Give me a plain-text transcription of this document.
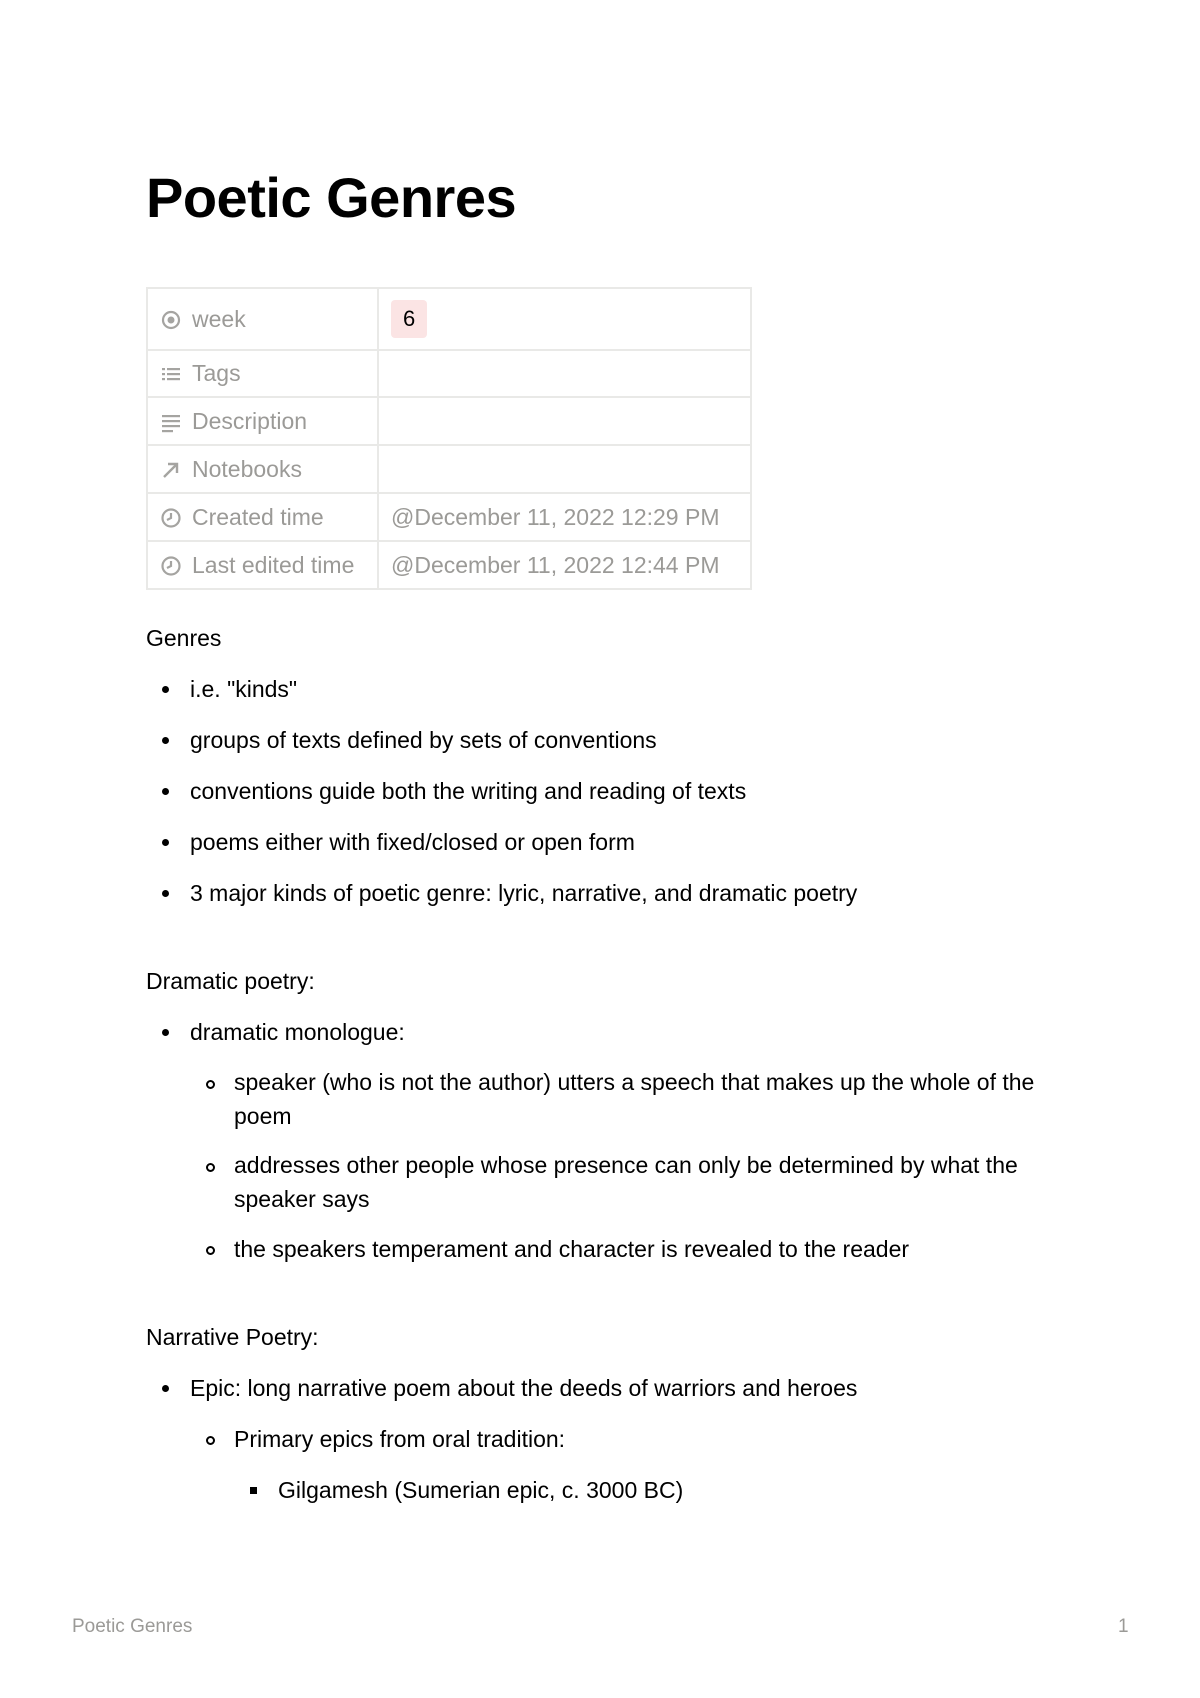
Poetic Genres
week	6

Tags	

Description	

Notebooks	

Created time	@December 11, 2022 12:29 PM

Last edited time	@December 11, 2022 12:44 PM

Genres

i.e. "kinds"
groups of texts defined by sets of conventions
conventions guide both the writing and reading of texts
poems either with fixed/closed or open form
3 major kinds of poetic genre: lyric, narrative, and dramatic poetry

Dramatic poetry:

dramatic monologue:
speaker (who is not the author) utters a speech that makes up the whole of the poem
addresses other people whose presence can only be determined by what the speaker says
the speakers temperament and character is revealed to the reader

Narrative Poetry:

Epic: long narrative poem about the deeds of warriors and heroes
Primary epics from oral tradition:
Gilgamesh (Sumerian epic, c. 3000 BC)
Poetic Genres	1
